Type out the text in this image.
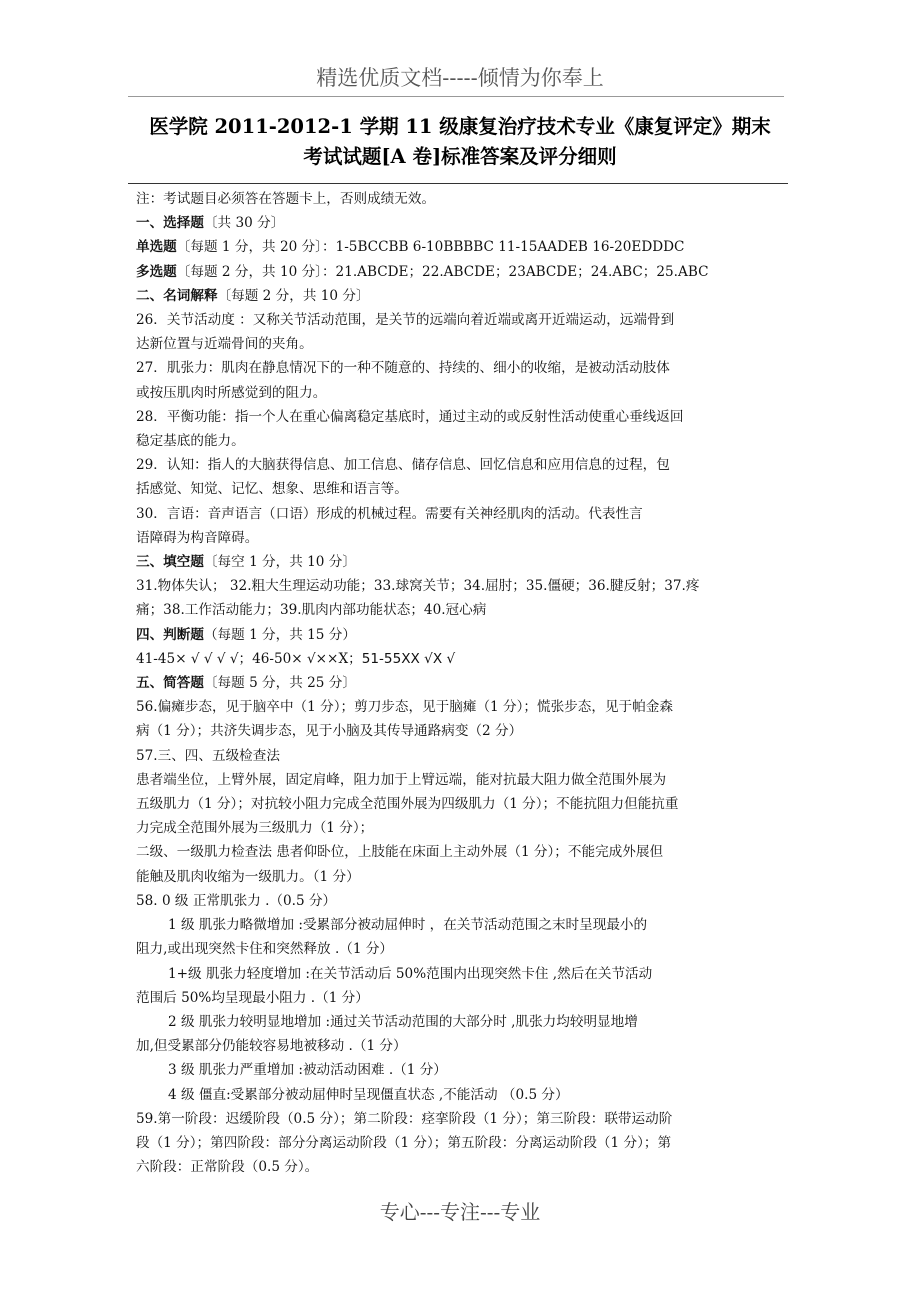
精选优质文档-----倾情为你奉上
医学院 2011-2012-1 学期 11 级康复治疗技术专业《康复评定》期末
考试试题[A 卷]标准答案及评分细则

注：考试题目必须答在答题卡上，否则成绩无效。

一、选择题〔共 30 分〕

单选题〔每题 1 分，共 20 分〕：1-5BCCBB 6-10BBBBC 11-15AADEB 16-20EDDDC

多选题〔每题 2 分，共 10 分〕：21.ABCDE；22.ABCDE；23ABCDE；24.ABC；25.ABC

二、名词解释〔每题 2 分，共 10 分〕

26．关节活动度 ：又称关节活动范围，是关节的远端向着近端或离开近端运动，远端骨到

达新位置与近端骨间的夹角。

27．肌张力：肌肉在静息情况下的一种不随意的、持续的、细小的收缩，是被动活动肢体

或按压肌肉时所感觉到的阻力。

28．平衡功能：指一个人在重心偏离稳定基底时，通过主动的或反射性活动使重心垂线返回

稳定基底的能力。

29．认知：指人的大脑获得信息、加工信息、储存信息、回忆信息和应用信息的过程，包

括感觉、知觉、记忆、想象、思维和语言等。

30．言语：音声语言（口语）形成的机械过程。需要有关神经肌肉的活动。代表性言

语障碍为构音障碍。

三、填空题〔每空 1 分，共 10 分〕

31.物体失认； 32.粗大生理运动功能；33.球窝关节；34.屈肘；35.僵硬；36.腱反射；37.疼

痛；38.工作活动能力；39.肌肉内部功能状态；40.冠心病

四、判断题（每题 1 分，共 15 分）

41-45× √ √ √ √；46-50× √××X；51-55XX √X √

五、简答题〔每题 5 分，共 25 分〕

56.偏瘫步态，见于脑卒中（1 分）；剪刀步态，见于脑瘫（1 分）；慌张步态，见于帕金森

病（1 分）；共济失调步态，见于小脑及其传导通路病变（2 分）

57.三、四、五级检查法

患者端坐位，上臂外展，固定肩峰，阻力加于上臂远端，能对抗最大阻力做全范围外展为

五级肌力（1 分）；对抗较小阻力完成全范围外展为四级肌力（1 分）；不能抗阻力但能抗重

力完成全范围外展为三级肌力（1 分）；

二级、一级肌力检查法 患者仰卧位，上肢能在床面上主动外展（1 分）；不能完成外展但

能触及肌肉收缩为一级肌力。（1 分）

58. 0 级 正常肌张力 .（0.5 分）

1 级 肌张力略微增加 :受累部分被动屈伸时 ，在关节活动范围之末时呈现最小的

阻力,或出现突然卡住和突然释放 .（1 分）

1+级 肌张力轻度增加 :在关节活动后 50%范围内出现突然卡住 ,然后在关节活动

范围后 50%均呈现最小阻力 .（1 分）

2 级 肌张力较明显地增加 :通过关节活动范围的大部分时 ,肌张力均较明显地增

加,但受累部分仍能较容易地被移动 .（1 分）

3 级 肌张力严重增加 :被动活动困难 .（1 分）

4 级 僵直:受累部分被动屈伸时呈现僵直状态 ,不能活动 （0.5 分）

59.第一阶段：迟缓阶段（0.5 分）；第二阶段：痉挛阶段（1 分）；第三阶段：联带运动阶

段（1 分）；第四阶段：部分分离运动阶段（1 分）；第五阶段：分离运动阶段（1 分）；第

六阶段：正常阶段（0.5 分）。

专心---专注---专业
